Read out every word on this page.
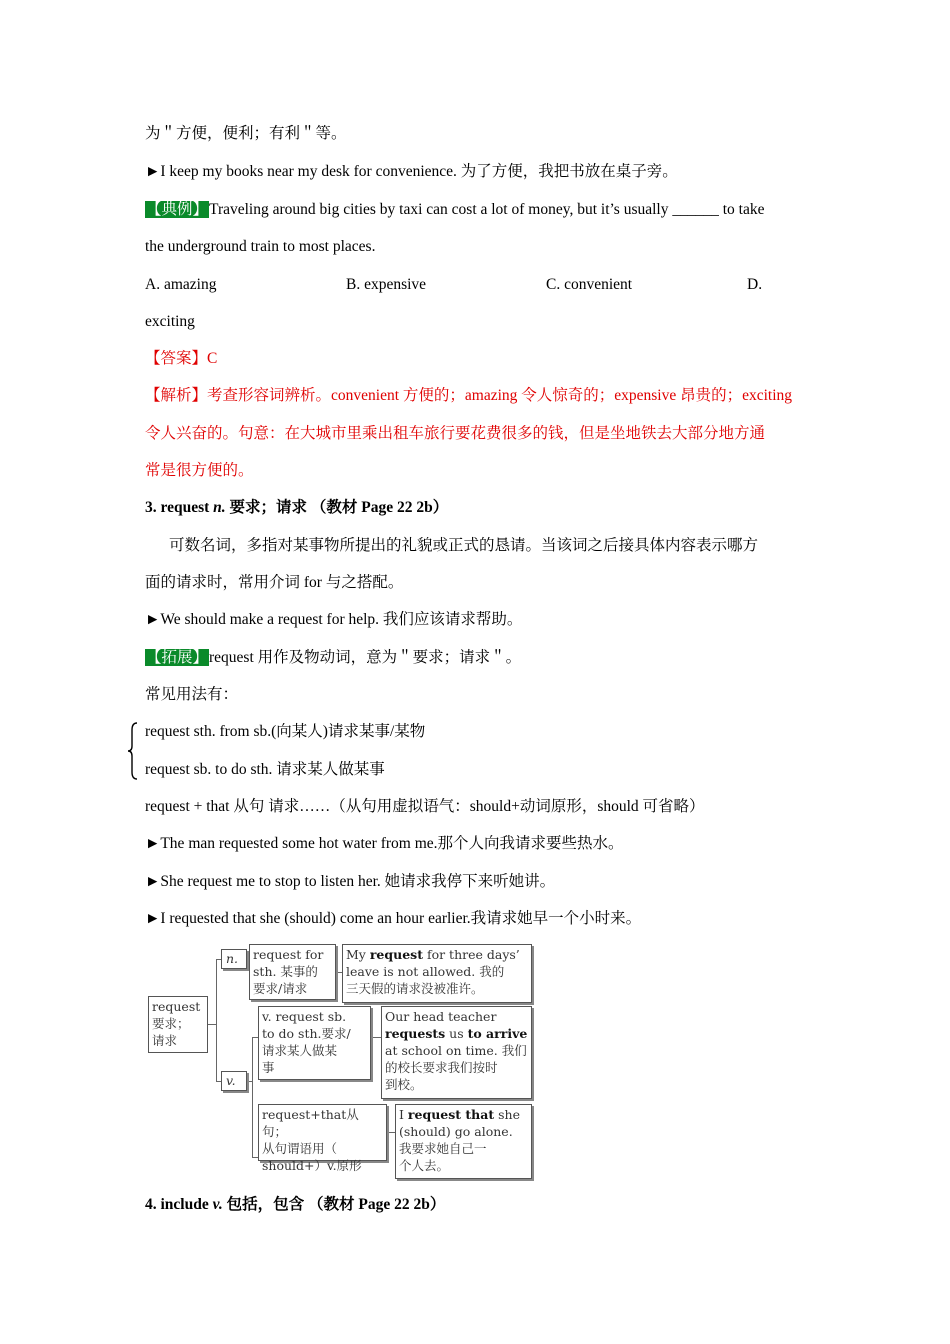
为＂方便，便利；有利＂等。
►I keep my books near my desk for convenience. 为了方便，我把书放在桌子旁。
【典例】Traveling around big cities by taxi can cost a lot of money, but it’s usually ______ to take
the underground train to most places.
A. amazing	B. expensive	C. convenient	D.
exciting
【答案】C
【解析】考查形容词辨析。convenient 方便的；amazing 令人惊奇的；expensive 昂贵的；exciting
令人兴奋的。句意：在大城市里乘出租车旅行要花费很多的钱，但是坐地铁去大部分地方通
常是很方便的。
3. request n. 要求；请求 （教材 Page 22 2b）
可数名词，多指对某事物所提出的礼貌或正式的恳请。当该词之后接具体内容表示哪方
面的请求时，常用介词 for 与之搭配。
►We should make a request for help. 我们应该请求帮助。
【拓展】request 用作及物动词，意为＂要求；请求＂。
常见用法有：
request sth. from sb.(向某人)请求某事/某物
request sb. to do sth. 请求某人做某事
request + that 从句 请求……（从句用虚拟语气：should+动词原形，should 可省略）
►The man requested some hot water from me.那个人向我请求要些热水。
►She request me to stop to listen her. 她请求我停下来听她讲。
►I requested that she (should) come an hour earlier.我请求她早一个小时来。
request
要求；
请求
n.
v.
request for
sth. 某事的
要求/请求
My request for three days’
leave is not allowed. 我的
三天假的请求没被准许。
v. request sb.
to do sth.要求/
请求某人做某
事
Our head teacher
requests us to arrive
at school on time. 我们
的校长要求我们按时
到校。
request+that从句；
从句谓语用（
should+）v.原形
I request that she
(should) go alone.
我要求她自己一
个人去。
4. include v. 包括，包含 （教材 Page 22 2b）
